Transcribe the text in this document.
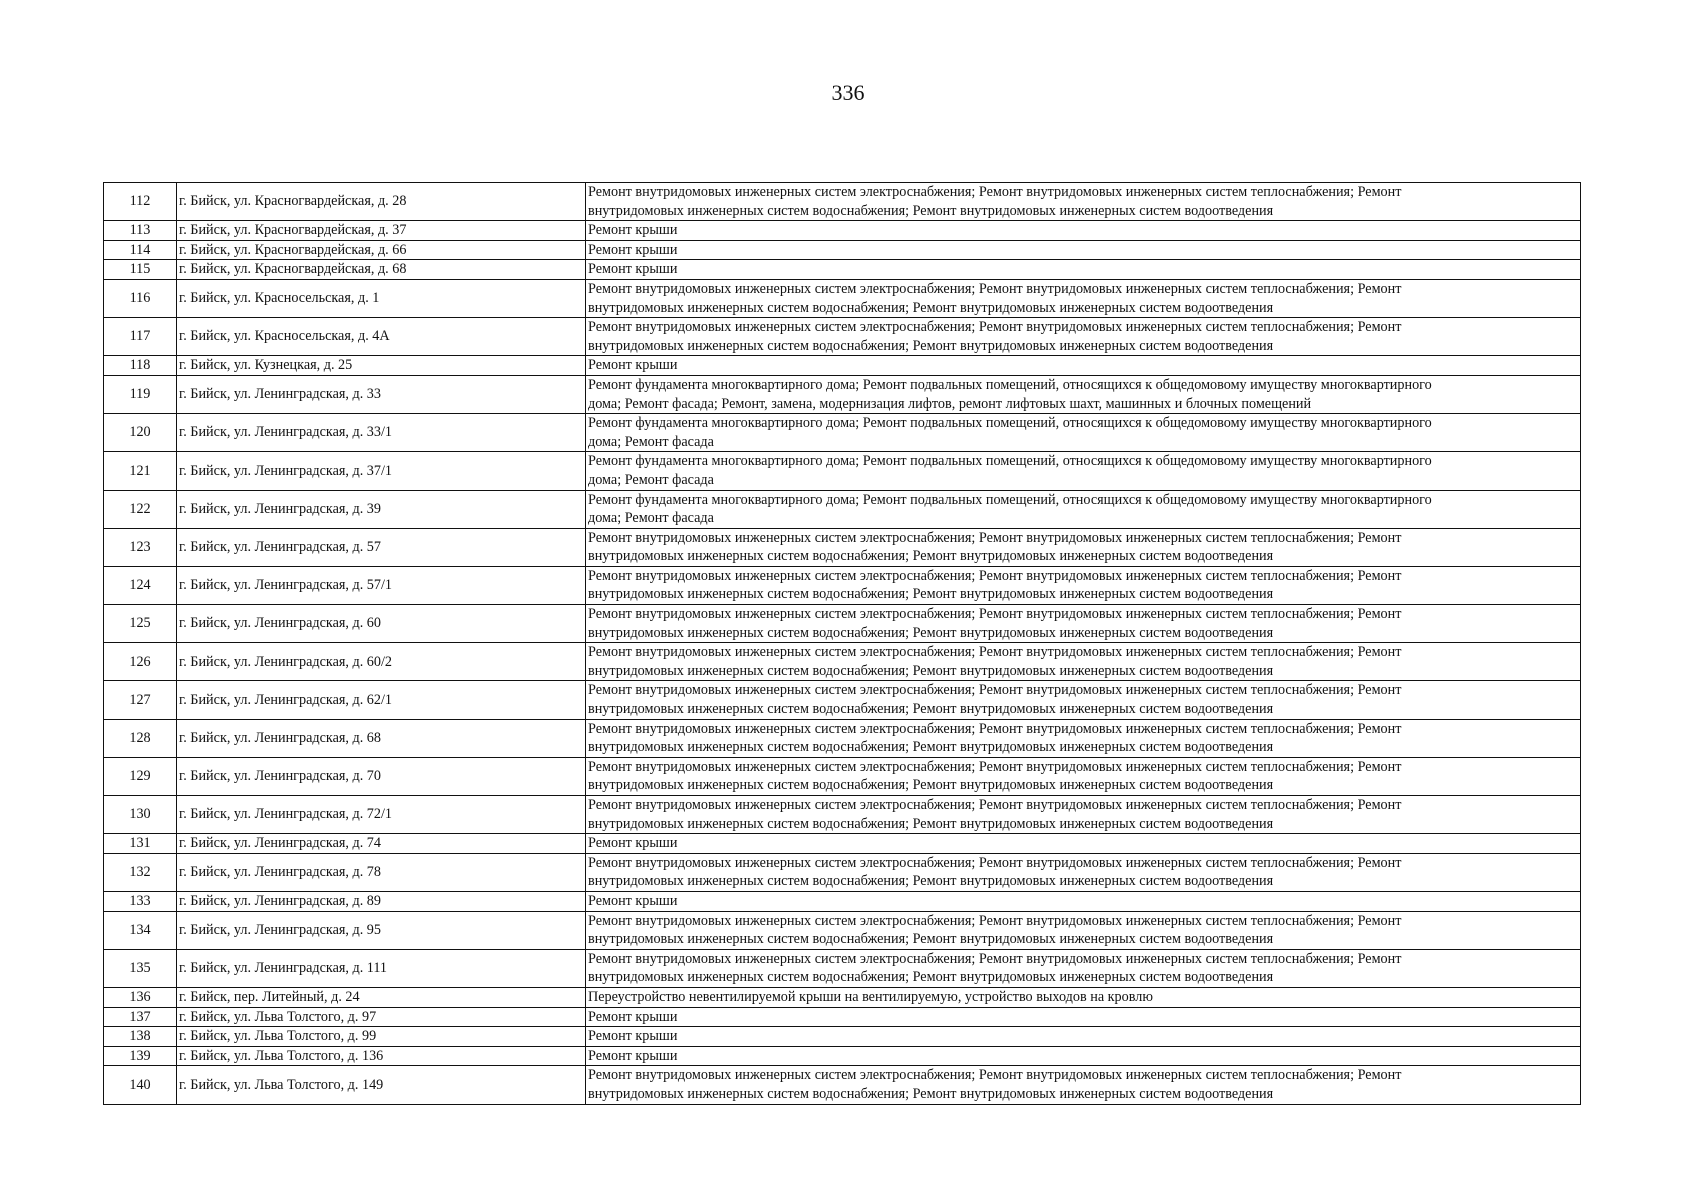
336
112	г. Бийск, ул. Красногвардейская, д. 28	Ремонт внутридомовых инженерных систем электроснабжения; Ремонт внутридомовых инженерных систем теплоснабжения; Ремонт
внутридомовых инженерных систем водоснабжения; Ремонт внутридомовых инженерных систем водоотведения

113	г. Бийск, ул. Красногвардейская, д. 37	Ремонт крыши

114	г. Бийск, ул. Красногвардейская, д. 66	Ремонт крыши

115	г. Бийск, ул. Красногвардейская, д. 68	Ремонт крыши

116	г. Бийск, ул. Красносельская, д. 1	Ремонт внутридомовых инженерных систем электроснабжения; Ремонт внутридомовых инженерных систем теплоснабжения; Ремонт
внутридомовых инженерных систем водоснабжения; Ремонт внутридомовых инженерных систем водоотведения

117	г. Бийск, ул. Красносельская, д. 4А	Ремонт внутридомовых инженерных систем электроснабжения; Ремонт внутридомовых инженерных систем теплоснабжения; Ремонт
внутридомовых инженерных систем водоснабжения; Ремонт внутридомовых инженерных систем водоотведения

118	г. Бийск, ул. Кузнецкая, д. 25	Ремонт крыши

119	г. Бийск, ул. Ленинградская, д. 33	Ремонт фундамента многоквартирного дома; Ремонт подвальных помещений, относящихся к общедомовому имуществу многоквартирного
дома; Ремонт фасада; Ремонт, замена, модернизация лифтов, ремонт лифтовых шахт, машинных и блочных помещений

120	г. Бийск, ул. Ленинградская, д. 33/1	Ремонт фундамента многоквартирного дома; Ремонт подвальных помещений, относящихся к общедомовому имуществу многоквартирного
дома; Ремонт фасада

121	г. Бийск, ул. Ленинградская, д. 37/1	Ремонт фундамента многоквартирного дома; Ремонт подвальных помещений, относящихся к общедомовому имуществу многоквартирного
дома; Ремонт фасада

122	г. Бийск, ул. Ленинградская, д. 39	Ремонт фундамента многоквартирного дома; Ремонт подвальных помещений, относящихся к общедомовому имуществу многоквартирного
дома; Ремонт фасада

123	г. Бийск, ул. Ленинградская, д. 57	Ремонт внутридомовых инженерных систем электроснабжения; Ремонт внутридомовых инженерных систем теплоснабжения; Ремонт
внутридомовых инженерных систем водоснабжения; Ремонт внутридомовых инженерных систем водоотведения

124	г. Бийск, ул. Ленинградская, д. 57/1	Ремонт внутридомовых инженерных систем электроснабжения; Ремонт внутридомовых инженерных систем теплоснабжения; Ремонт
внутридомовых инженерных систем водоснабжения; Ремонт внутридомовых инженерных систем водоотведения

125	г. Бийск, ул. Ленинградская, д. 60	Ремонт внутридомовых инженерных систем электроснабжения; Ремонт внутридомовых инженерных систем теплоснабжения; Ремонт
внутридомовых инженерных систем водоснабжения; Ремонт внутридомовых инженерных систем водоотведения

126	г. Бийск, ул. Ленинградская, д. 60/2	Ремонт внутридомовых инженерных систем электроснабжения; Ремонт внутридомовых инженерных систем теплоснабжения; Ремонт
внутридомовых инженерных систем водоснабжения; Ремонт внутридомовых инженерных систем водоотведения

127	г. Бийск, ул. Ленинградская, д. 62/1	Ремонт внутридомовых инженерных систем электроснабжения; Ремонт внутридомовых инженерных систем теплоснабжения; Ремонт
внутридомовых инженерных систем водоснабжения; Ремонт внутридомовых инженерных систем водоотведения

128	г. Бийск, ул. Ленинградская, д. 68	Ремонт внутридомовых инженерных систем электроснабжения; Ремонт внутридомовых инженерных систем теплоснабжения; Ремонт
внутридомовых инженерных систем водоснабжения; Ремонт внутридомовых инженерных систем водоотведения

129	г. Бийск, ул. Ленинградская, д. 70	Ремонт внутридомовых инженерных систем электроснабжения; Ремонт внутридомовых инженерных систем теплоснабжения; Ремонт
внутридомовых инженерных систем водоснабжения; Ремонт внутридомовых инженерных систем водоотведения

130	г. Бийск, ул. Ленинградская, д. 72/1	Ремонт внутридомовых инженерных систем электроснабжения; Ремонт внутридомовых инженерных систем теплоснабжения; Ремонт
внутридомовых инженерных систем водоснабжения; Ремонт внутридомовых инженерных систем водоотведения

131	г. Бийск, ул. Ленинградская, д. 74	Ремонт крыши

132	г. Бийск, ул. Ленинградская, д. 78	Ремонт внутридомовых инженерных систем электроснабжения; Ремонт внутридомовых инженерных систем теплоснабжения; Ремонт
внутридомовых инженерных систем водоснабжения; Ремонт внутридомовых инженерных систем водоотведения

133	г. Бийск, ул. Ленинградская, д. 89	Ремонт крыши

134	г. Бийск, ул. Ленинградская, д. 95	Ремонт внутридомовых инженерных систем электроснабжения; Ремонт внутридомовых инженерных систем теплоснабжения; Ремонт
внутридомовых инженерных систем водоснабжения; Ремонт внутридомовых инженерных систем водоотведения

135	г. Бийск, ул. Ленинградская, д. 111	Ремонт внутридомовых инженерных систем электроснабжения; Ремонт внутридомовых инженерных систем теплоснабжения; Ремонт
внутридомовых инженерных систем водоснабжения; Ремонт внутридомовых инженерных систем водоотведения

136	г. Бийск, пер. Литейный, д. 24	Переустройство невентилируемой крыши на вентилируемую, устройство выходов на кровлю

137	г. Бийск, ул. Льва Толстого, д. 97	Ремонт крыши

138	г. Бийск, ул. Льва Толстого, д. 99	Ремонт крыши

139	г. Бийск, ул. Льва Толстого, д. 136	Ремонт крыши

140	г. Бийск, ул. Льва Толстого, д. 149	Ремонт внутридомовых инженерных систем электроснабжения; Ремонт внутридомовых инженерных систем теплоснабжения; Ремонт
внутридомовых инженерных систем водоснабжения; Ремонт внутридомовых инженерных систем водоотведения
